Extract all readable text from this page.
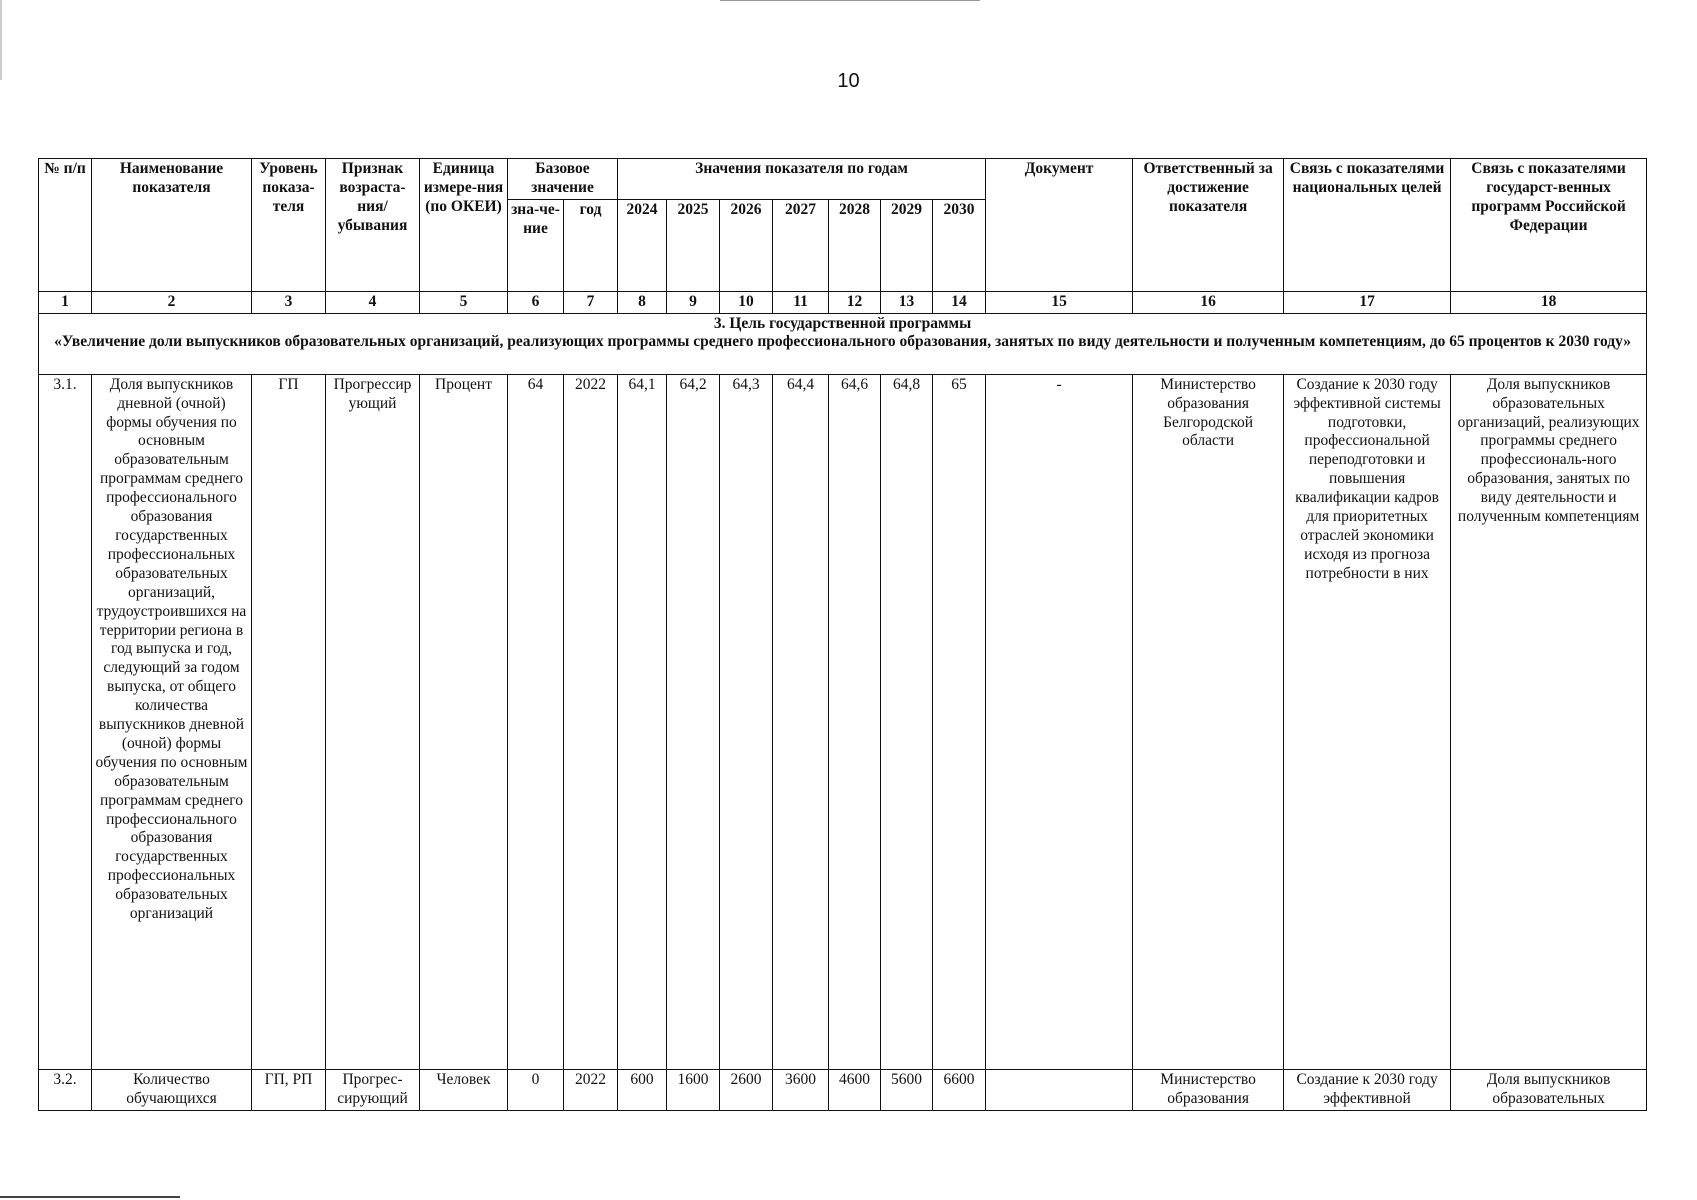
10
№ п/п	Наименование показателя	Уровень показа-теля	Признак возраста-ния/ убывания	Единица измере-ния (по ОКЕИ)	Базовое значение		Значения показателя по годам							Документ	Ответственный за достижение показателя	Связь с показателями национальных целей	Связь с показателями государст-венных программ Российской Федерации
					зна-че-ние	год	2024	2025	2026	2027	2028	2029	2030				
1	2	3	4	5	6	7	8	9	10	11	12	13	14	15	16	17	18

3. Цель государственной программы
«Увеличение доли выпускников образовательных организаций, реализующих программы среднего профессионального образования, занятых по виду деятельности и полученным компетенциям, до 65 процентов к 2030 году»																	

3.1.	Доля выпускников дневной (очной) формы обучения по основным образовательным программам среднего профессионального образования государственных профессиональных образовательных организаций, трудоустроившихся на территории региона в год выпуска и год, следующий за годом выпуска, от общего количества выпускников дневной (очной) формы обучения по основным образовательным программам среднего профессионального образования государственных профессиональных образовательных организаций	ГП	Прогрессир ующий	Процент	64	2022	64,1	64,2	64,3	64,4	64,6	64,8	65	-	Министерство образования Белгородской области	Создание к 2030 году эффективной системы подготовки, профессиональной переподготовки и повышения квалификации кадров для приоритетных отраслей экономики исходя из прогноза потребности в них	Доля выпускников образовательных организаций, реализующих программы среднего профессиональ-ного образования, занятых по виду деятельности и полученным компетенциям
3.2.	Количество обучающихся	ГП, РП	Прогрес-сирующий	Человек	0	2022	600	1600	2600	3600	4600	5600	6600		Министерство образования	Создание к 2030 году эффективной	Доля выпускников образовательных
